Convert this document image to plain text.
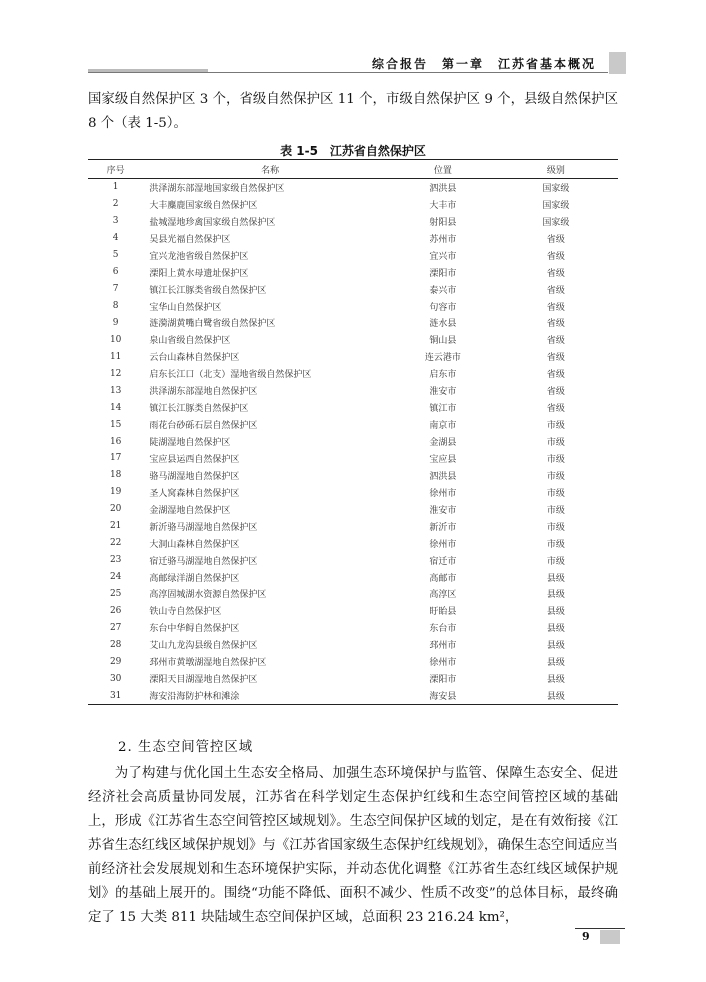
综合报告　第一章　江苏省基本概况
国家级自然保护区 3 个，省级自然保护区 11 个，市级自然保护区 9 个，县级自然保护区 8 个（表 1-5）。
表 1-5　江苏省自然保护区
序号	名称	位置	级别
1	洪泽湖东部湿地国家级自然保护区	泗洪县	国家级
2	大丰麋鹿国家级自然保护区	大丰市	国家级
3	盐城湿地珍禽国家级自然保护区	射阳县	国家级
4	吴县光福自然保护区	苏州市	省级
5	宜兴龙池省级自然保护区	宜兴市	省级
6	溧阳上黄水母遗址保护区	溧阳市	省级
7	镇江长江豚类省级自然保护区	泰兴市	省级
8	宝华山自然保护区	句容市	省级
9	涟漪湖黄嘴白鹭省级自然保护区	涟水县	省级
10	泉山省级自然保护区	铜山县	省级
11	云台山森林自然保护区	连云港市	省级
12	启东长江口（北支）湿地省级自然保护区	启东市	省级
13	洪泽湖东部湿地自然保护区	淮安市	省级
14	镇江长江豚类自然保护区	镇江市	省级
15	雨花台砂砾石层自然保护区	南京市	市级
16	陡湖湿地自然保护区	金湖县	市级
17	宝应县运西自然保护区	宝应县	市级
18	骆马湖湿地自然保护区	泗洪县	市级
19	圣人窝森林自然保护区	徐州市	市级
20	金湖湿地自然保护区	淮安市	市级
21	新沂骆马湖湿地自然保护区	新沂市	市级
22	大洞山森林自然保护区	徐州市	市级
23	宿迁骆马湖湿地自然保护区	宿迁市	市级
24	高邮绿洋湖自然保护区	高邮市	县级
25	高淳固城湖水资源自然保护区	高淳区	县级
26	铁山寺自然保护区	盱眙县	县级
27	东台中华鲟自然保护区	东台市	县级
28	艾山九龙沟县级自然保护区	邳州市	县级
29	邳州市黄墩湖湿地自然保护区	徐州市	县级
30	溧阳天目湖湿地自然保护区	溧阳市	县级
31	海安沿海防护林和滩涂	海安县	县级
2. 生态空间管控区域
为了构建与优化国土生态安全格局、加强生态环境保护与监管、保障生态安全、促进经济社会高质量协同发展，江苏省在科学划定生态保护红线和生态空间管控区域的基础上，形成《江苏省生态空间管控区域规划》。生态空间保护区域的划定，是在有效衔接《江苏省生态红线区域保护规划》与《江苏省国家级生态保护红线规划》，确保生态空间适应当前经济社会发展规划和生态环境保护实际，并动态优化调整《江苏省生态红线区域保护规划》的基础上展开的。围绕“功能不降低、面积不减少、性质不改变”的总体目标，最终确定了 15 大类 811 块陆域生态空间保护区域，总面积 23 216.24 km²，
9
